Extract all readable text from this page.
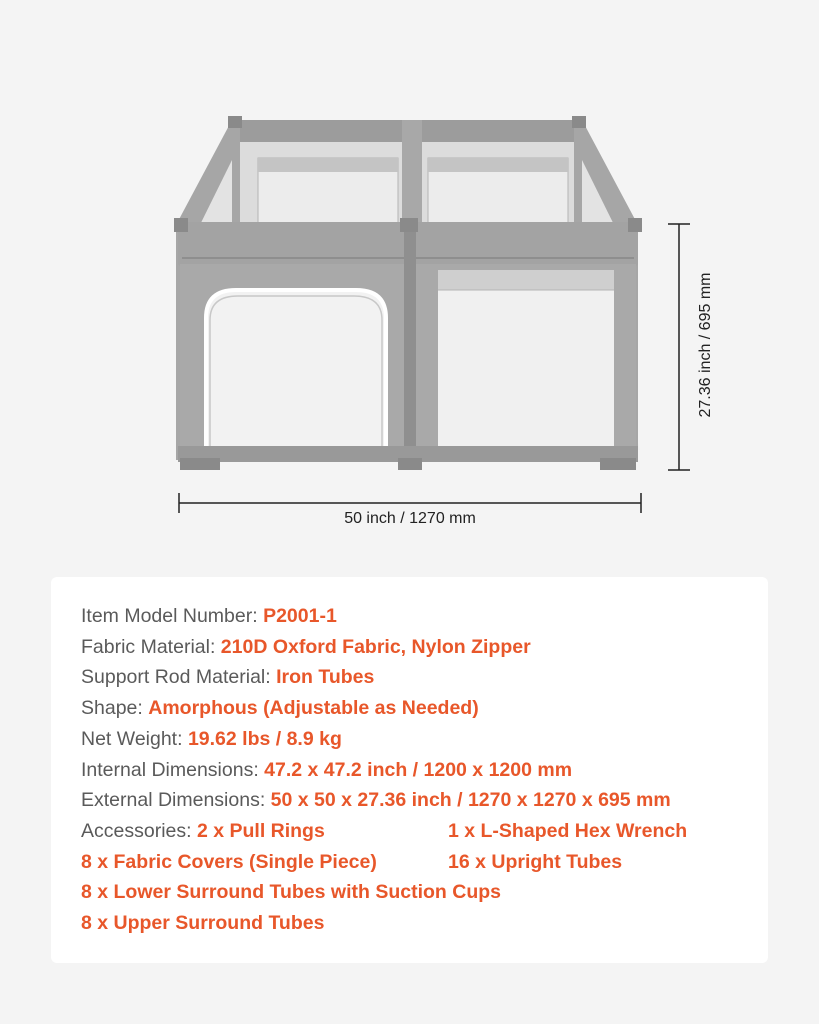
50 inch / 1270 mm
27.36 inch / 695 mm
Item Model Number: P2001-1
Fabric Material: 210D Oxford Fabric, Nylon Zipper
Support Rod Material: Iron Tubes
Shape: Amorphous (Adjustable as Needed)
Net Weight: 19.62 lbs / 8.9 kg
Internal Dimensions: 47.2 x 47.2 inch / 1200 x 1200 mm
External Dimensions: 50 x 50 x 27.36 inch / 1270 x 1270 x 695 mm
Accessories: 2 x Pull Rings	1 x L-Shaped Hex Wrench
8 x Fabric Covers (Single Piece)	16 x Upright Tubes
8 x Lower Surround Tubes with Suction Cups
8 x Upper Surround Tubes
